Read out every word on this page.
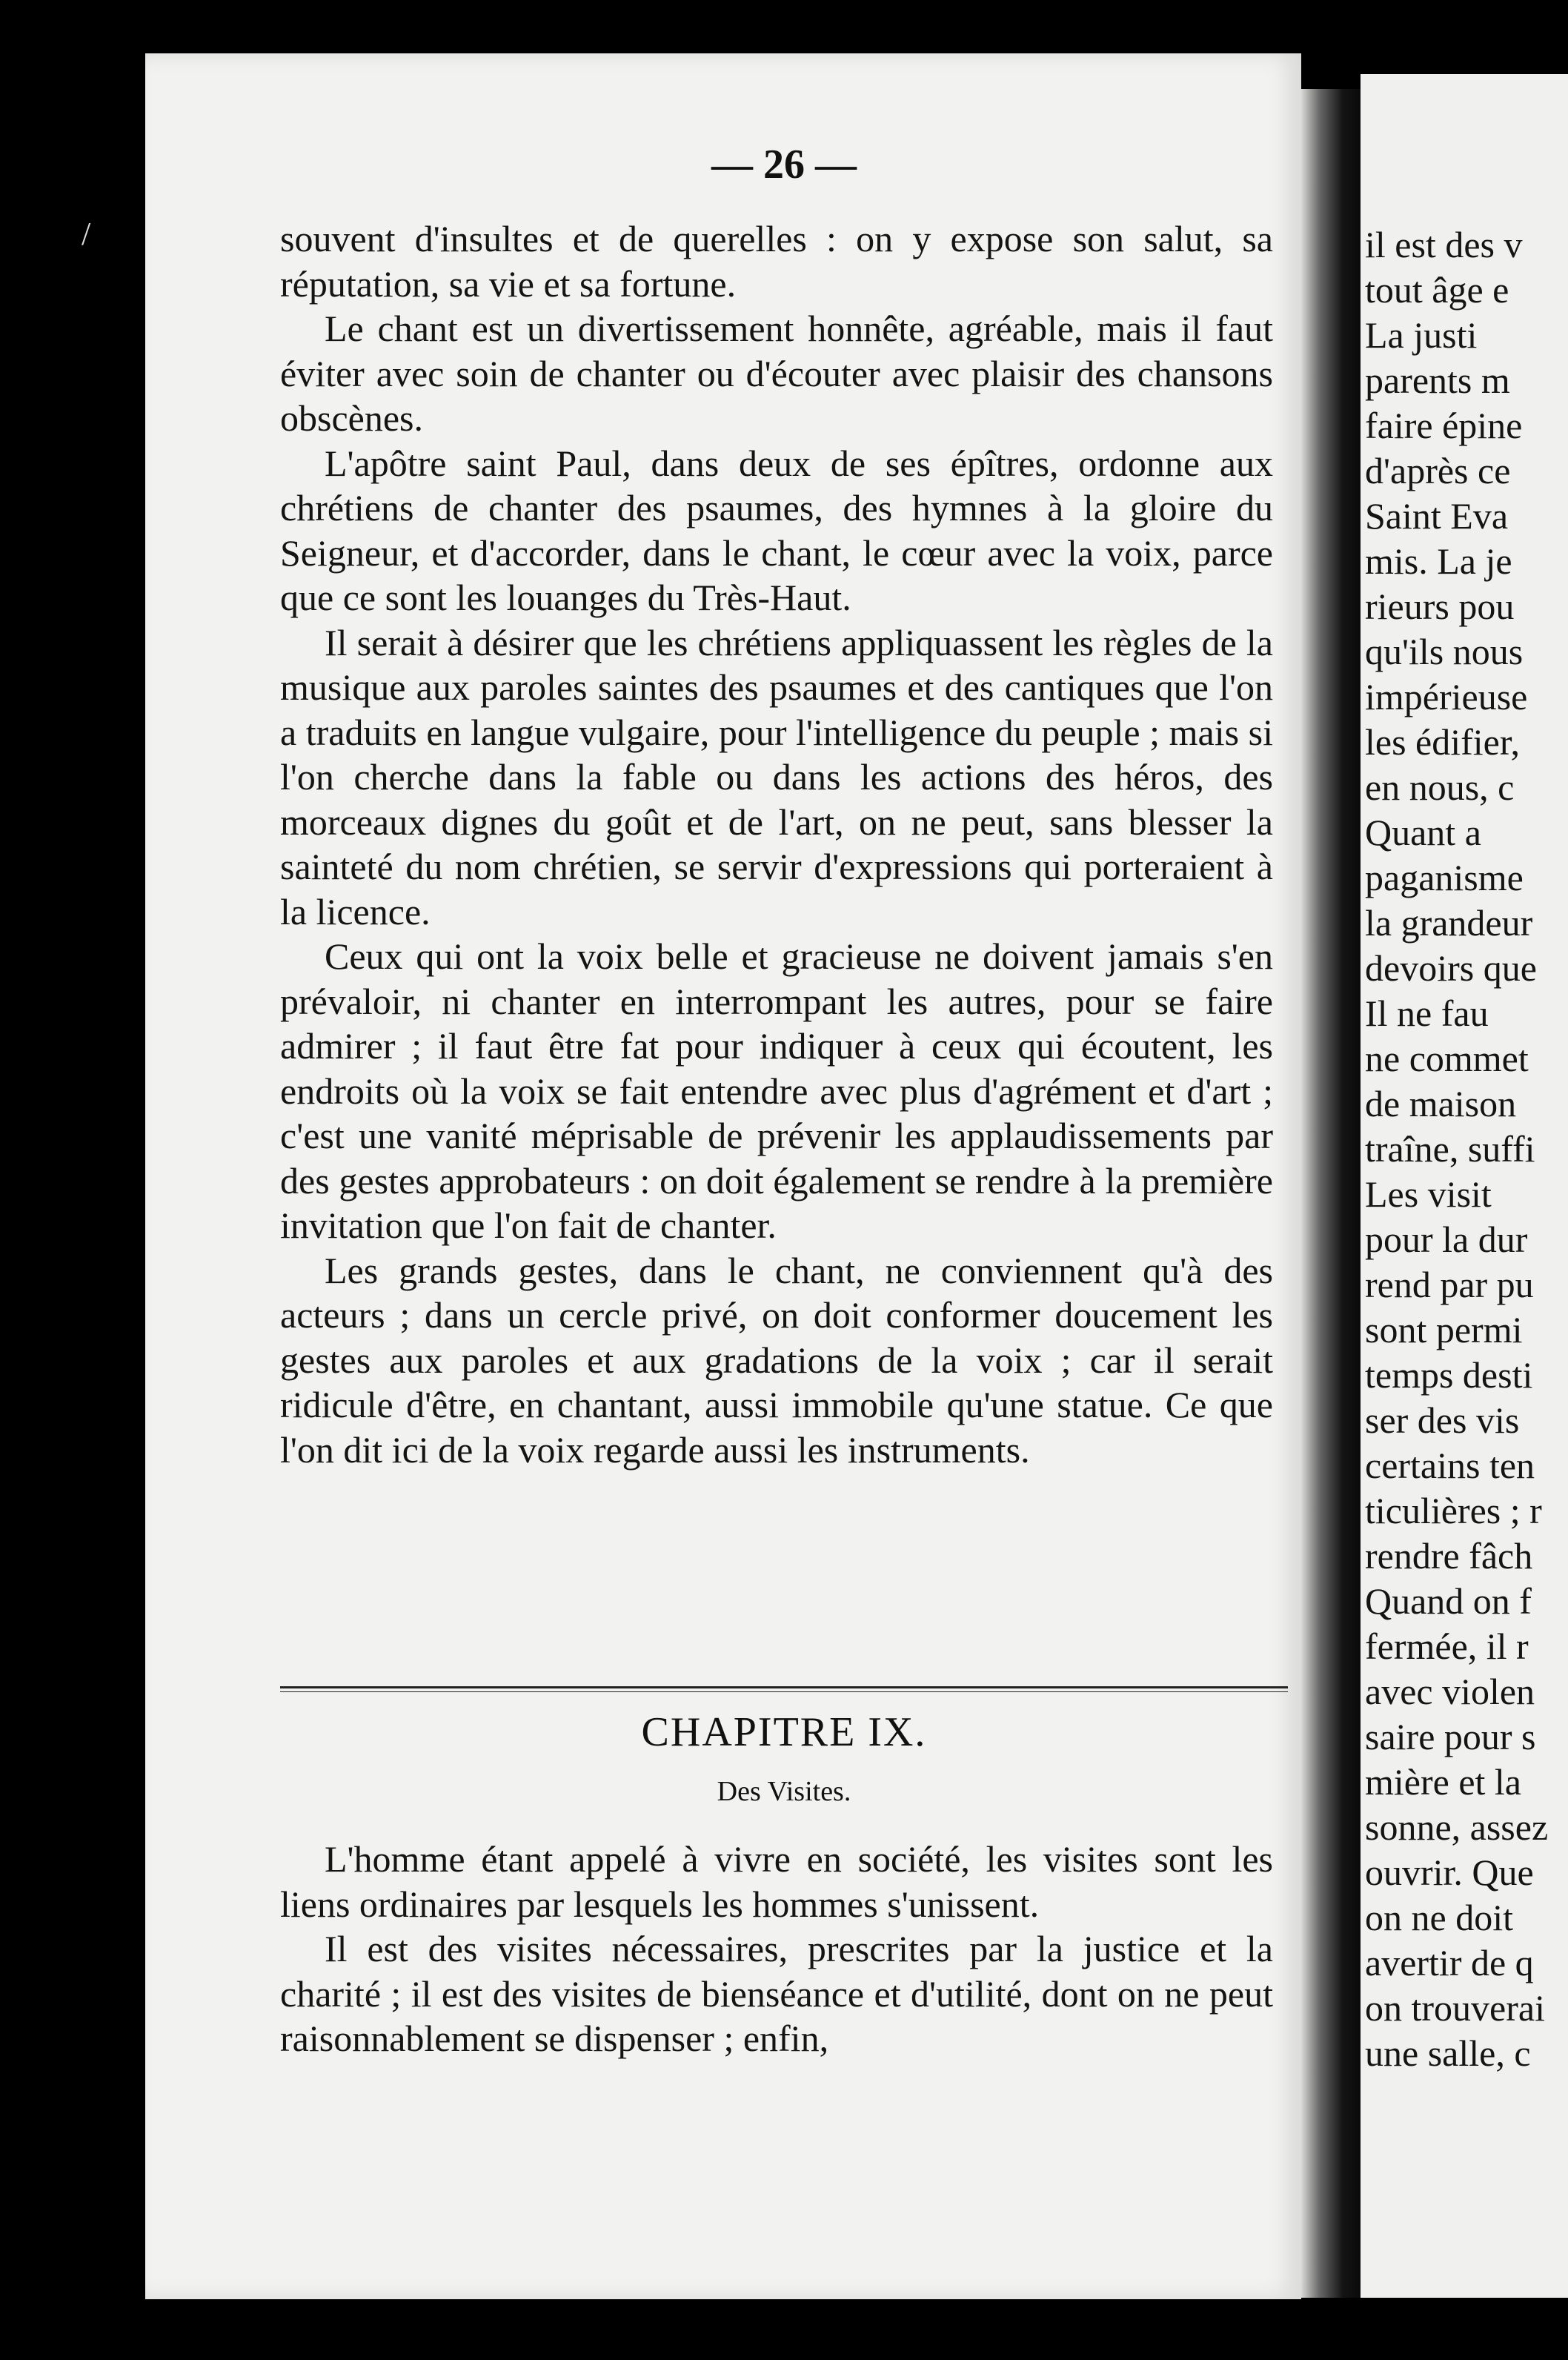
/
— 26 —

souvent d'insultes et de querelles : on y expose son salut, sa réputation, sa vie et sa fortune.

Le chant est un divertissement honnête, agréable, mais il faut éviter avec soin de chanter ou d'écouter avec plaisir des chansons obscènes.

L'apôtre saint Paul, dans deux de ses épîtres, ordonne aux chrétiens de chanter des psaumes, des hymnes à la gloire du Seigneur, et d'accorder, dans le chant, le cœur avec la voix, parce que ce sont les louanges du Très-Haut.

Il serait à désirer que les chrétiens appliquassent les règles de la musique aux paroles saintes des psaumes et des cantiques que l'on a traduits en langue vulgaire, pour l'intelligence du peuple ; mais si l'on cherche dans la fable ou dans les actions des héros, des morceaux dignes du goût et de l'art, on ne peut, sans blesser la sainteté du nom chrétien, se servir d'expressions qui porteraient à la licence.

Ceux qui ont la voix belle et gracieuse ne doivent jamais s'en prévaloir, ni chanter en interrompant les autres, pour se faire admirer ; il faut être fat pour indiquer à ceux qui écoutent, les endroits où la voix se fait entendre avec plus d'agrément et d'art ; c'est une vanité méprisable de prévenir les applaudissements par des gestes approbateurs : on doit également se rendre à la première invitation que l'on fait de chanter.

Les grands gestes, dans le chant, ne conviennent qu'à des acteurs ; dans un cercle privé, on doit conformer doucement les gestes aux paroles et aux gradations de la voix ; car il serait ridicule d'être, en chantant, aussi immobile qu'une statue. Ce que l'on dit ici de la voix regarde aussi les instruments.

CHAPITRE IX.
Des Visites.

L'homme étant appelé à vivre en société, les visites sont les liens ordinaires par lesquels les hommes s'unissent.

Il est des visites nécessaires, prescrites par la justice et la charité ; il est des visites de bienséance et d'utilité, dont on ne peut raisonnablement se dispenser ; enfin,

il est des v
tout âge e
La justi
parents m
faire épine
d'après ce
Saint Eva
mis. La je
rieurs pou
qu'ils nous
impérieuse
les édifier,
en nous, c
Quant a
paganisme
la grandeur
devoirs que
Il ne fau
ne commet
de maison
traîne, suffi
Les visit
pour la dur
rend par pu
sont permi
temps desti
ser des vis
certains ten
ticulières ; r
rendre fâch
Quand on f
fermée, il r
avec violen
saire pour s
mière et la
sonne, assez
ouvrir. Que
on ne doit
avertir de q
on trouverai
une salle, c
